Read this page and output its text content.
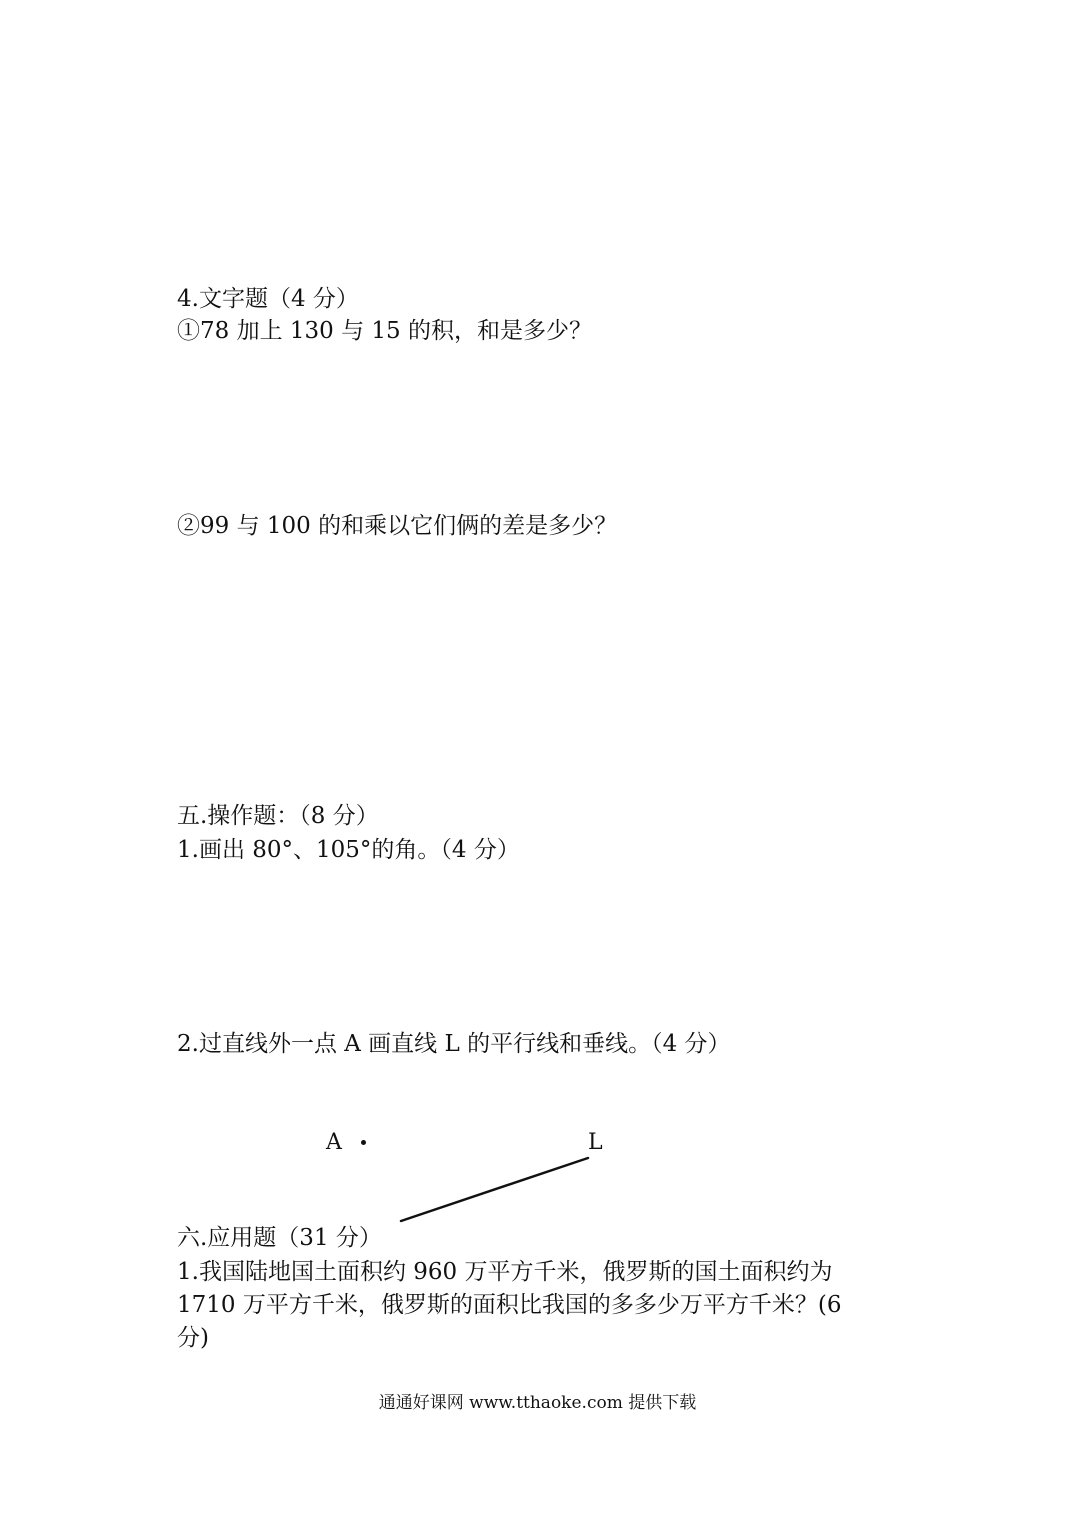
4.文字题（4 分）
①78 加上 130 与 15 的积，和是多少？
②99 与 100 的和乘以它们俩的差是多少？
五.操作题：（8 分）
1.画出 80°、105°的角。（4 分）
2.过直线外一点 A 画直线 L 的平行线和垂线。（4 分）
A	L
六.应用题（31 分）
1.我国陆地国土面积约 960 万平方千米，俄罗斯的国土面积约为
1710 万平方千米，俄罗斯的面积比我国的多多少万平方千米？(6
分)
通通好课网 www.tthaoke.com 提供下载
